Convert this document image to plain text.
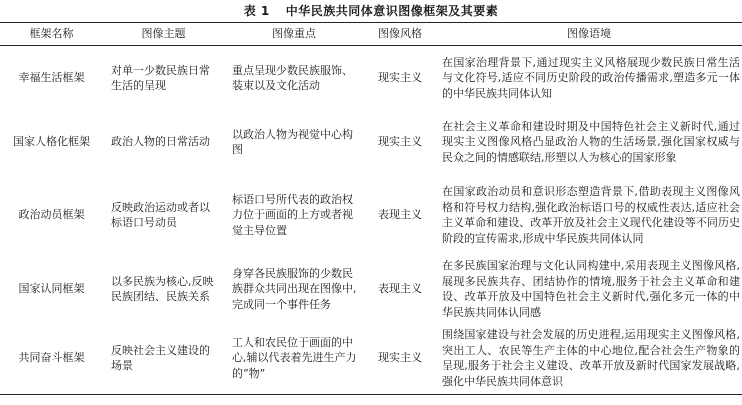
表 1 中华民族共同体意识图像框架及其要素
框架名称	图像主题	图像重点	图像风格	图像语境
幸福生活框架	对单一少数民族日常生活的呈现	重点呈现少数民族服饰、装束以及文化活动	现实主义	在国家治理背景下,通过现实主义风格展现少数民族日常生活与文化符号,适应不同历史阶段的政治传播需求,塑造多元一体的中华民族共同体认知
国家人格化框架	政治人物的日常活动	以政治人物为视觉中心构图	现实主义	在社会主义革命和建设时期及中国特色社会主义新时代,通过现实主义图像风格凸显政治人物的生活场景,强化国家权威与民众之间的情感联结,形塑以人为核心的国家形象
政治动员框架	反映政治运动或者以标语口号动员	标语口号所代表的政治权力位于画面的上方或者视觉主导位置	表现主义	在国家政治动员和意识形态塑造背景下,借助表现主义图像风格和符号权力结构,强化政治标语口号的权威性表达,适应社会主义革命和建设、改革开放及社会主义现代化建设等不同历史阶段的宣传需求,形成中华民族共同体认同
国家认同框架	以多民族为核心,反映民族团结、民族关系	身穿各民族服饰的少数民族群众共同出现在图像中,完成同一个事件任务	表现主义	在多民族国家治理与文化认同构建中,采用表现主义图像风格,展现多民族共存、团结协作的情境,服务于社会主义革命和建设、改革开放及中国特色社会主义新时代,强化多元一体的中华民族共同体认同感
共同奋斗框架	反映社会主义建设的场景	工人和农民位于画面的中心,辅以代表着先进生产力的“物”	现实主义	围绕国家建设与社会发展的历史进程,运用现实主义图像风格,突出工人、农民等生产主体的中心地位,配合社会生产物象的呈现,服务于社会主义建设、改革开放及新时代国家发展战略,强化中华民族共同体意识
